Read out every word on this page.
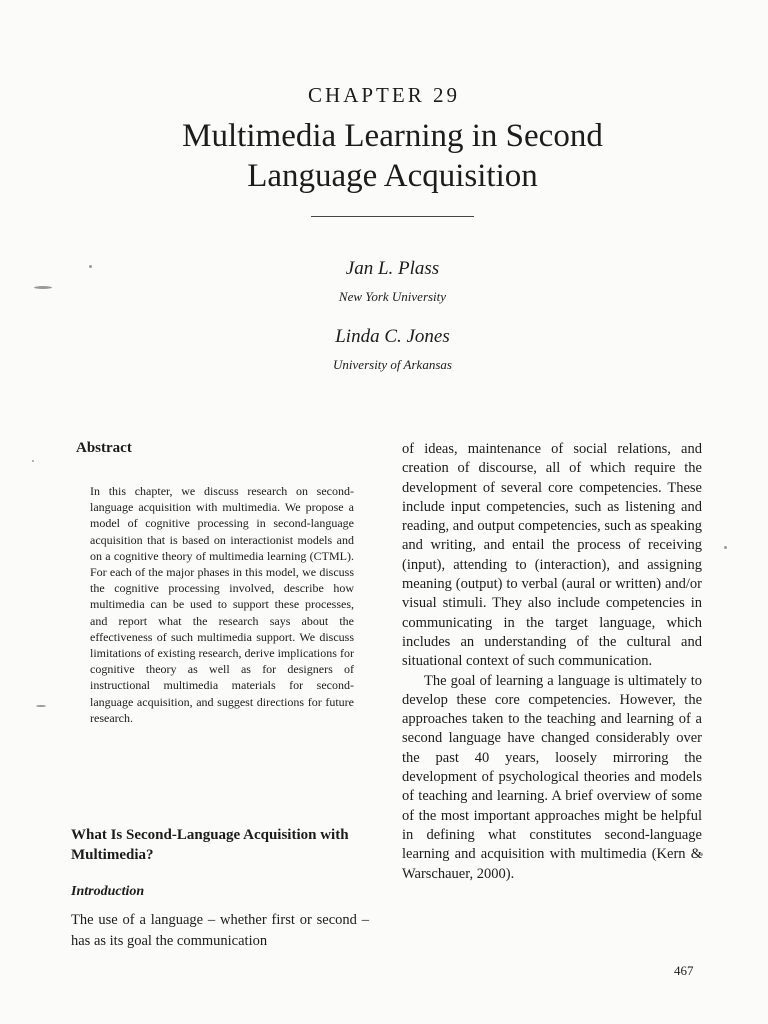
CHAPTER 29
Multimedia Learning in Second
Language Acquisition
Jan L. Plass
New York University
Linda C. Jones
University of Arkansas
Abstract
In this chapter, we discuss research on second-language acquisition with multimedia. We propose a model of cognitive processing in second-language acquisition that is based on interactionist models and on a cognitive theory of multimedia learning (CTML). For each of the major phases in this model, we discuss the cognitive processing involved, describe how multimedia can be used to support these processes, and report what the research says about the effectiveness of such multimedia support. We discuss limitations of existing research, derive implications for cognitive theory as well as for designers of instructional multimedia materials for second-language acquisition, and suggest directions for future research.
What Is Second-Language Acquisition with Multimedia?
Introduction
The use of a language – whether first or second – has as its goal the communication

of ideas, maintenance of social relations, and creation of discourse, all of which require the development of several core competencies. These include input competencies, such as listening and reading, and output competencies, such as speaking and writing, and entail the process of receiving (input), attending to (interaction), and assigning meaning (output) to verbal (aural or written) and/or visual stimuli. They also include competencies in communicating in the target language, which includes an understanding of the cultural and situational context of such communication.

The goal of learning a language is ultimately to develop these core competencies. However, the approaches taken to the teaching and learning of a second language have changed considerably over the past 40 years, loosely mirroring the development of psychological theories and models of teaching and learning. A brief overview of some of the most important approaches might be helpful in defining what constitutes second-language learning and acquisition with multimedia (Kern & Warschauer, 2000).

467
